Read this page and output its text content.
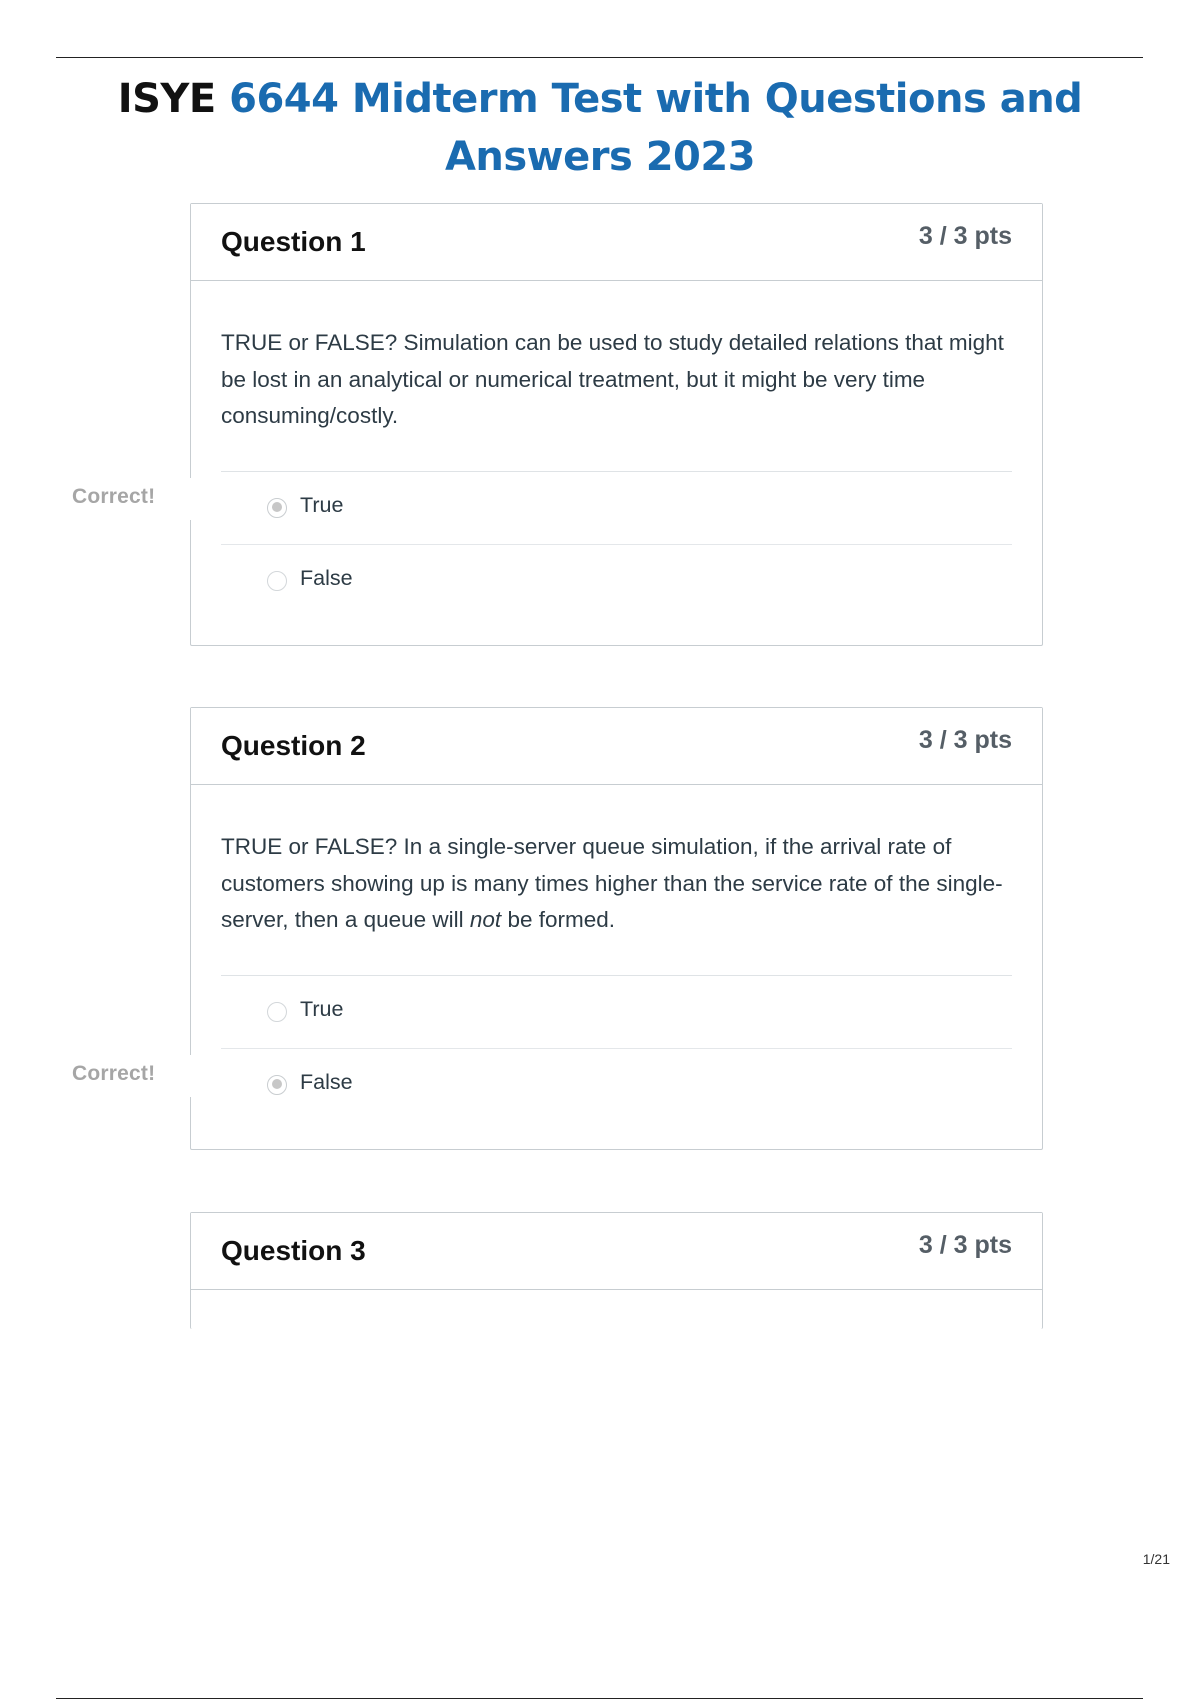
ISYE 6644 Midterm Test with Questions and Answers 2023
Question 1	3 / 3 pts
TRUE or FALSE? Simulation can be used to study detailed relations that might be lost in an analytical or numerical treatment, but it might be very time consuming/costly.
True
False
Correct!
Question 2	3 / 3 pts
TRUE or FALSE? In a single-server queue simulation, if the arrival rate of customers showing up is many times higher than the service rate of the single-server, then a queue will not be formed.
True
False
Correct!
Question 3	3 / 3 pts
1/21
